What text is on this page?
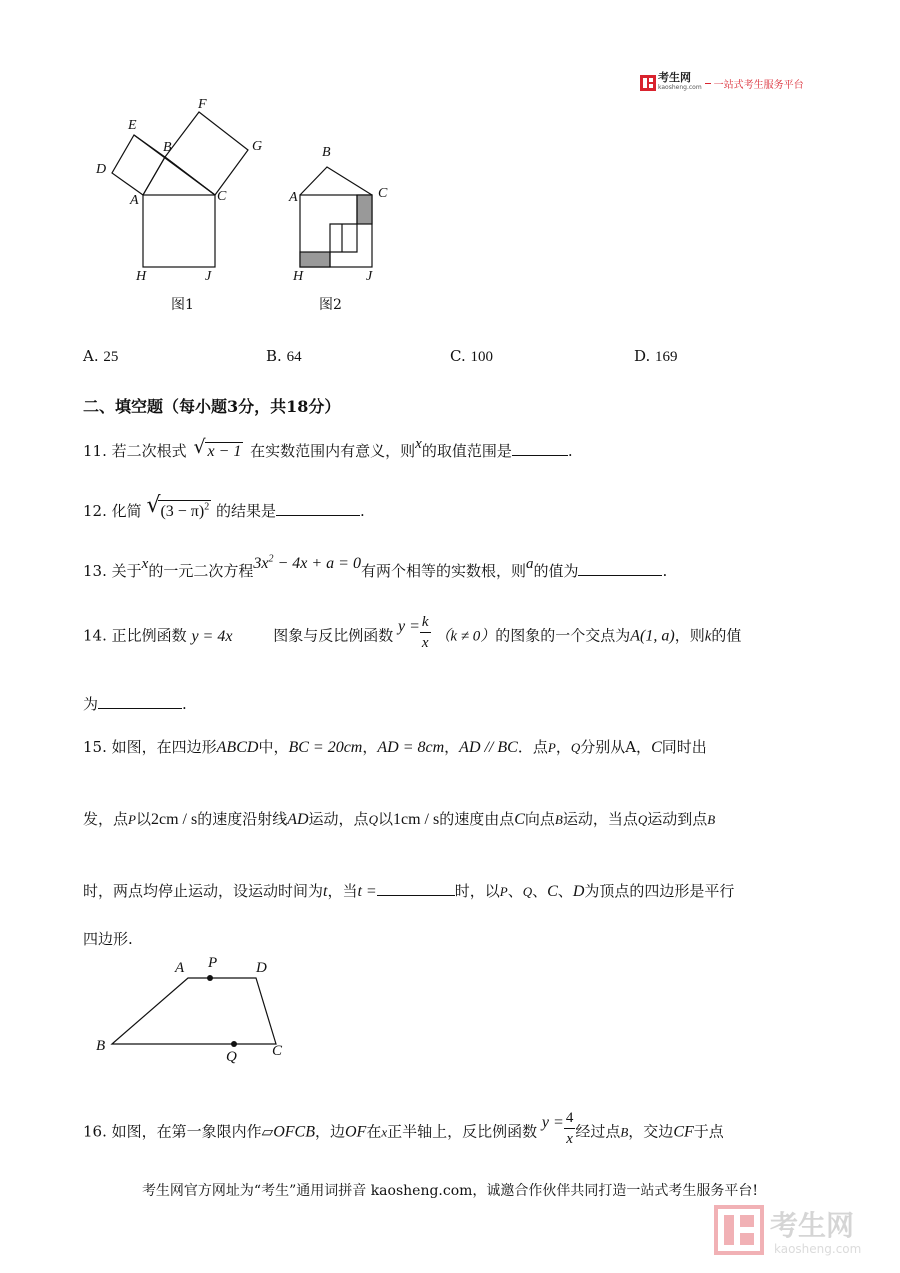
考生网
kaosheng.com 一站式考生服务平台
F
E
G
B
D
A	C
H	J
图1
B
A	C
H	J
图2
A. 25	B. 64	C. 100	D. 169
二、填空题（每小题3分，共18分）
11. 若二次根式 √ x − 1 在实数范围内有意义，则x的取值范围是	.
12. 化简 √ $(3 - \pi)^2$ 的结果是	.
13. 关于x的一元二次方程$3x^2 - 4x + a = 0$有两个相等的实数根，则a的值为	.
14. 正比例函数 y = 4x	图象与反比例函数 $y = \frac{k}{x} (k \ne 0)$的图象的一个交点为A(1, a)，则k的值
为	.
15. 如图，在四边形ABCD中，BC = 20cm，AD = 8cm，AD // BC．点P，Q分别从A，C同时出
发，点P以2cm / s的速度沿射线AD运动，点Q以1cm / s的速度由点C向点B运动，当点Q运动到点B
时，两点均停止运动，设运动时间为t，当t =	时，以P、Q、C、D为顶点的四边形是平行
四边形.
A P	D
B
Q C
16. 如图，在第一象限内作▱OFCB，边OF在x正半轴上，反比例函数 $y = \frac{4}{x}$ 经过点B，交边CF于点
考生网官方网址为“考生”通用词拼音 kaosheng.com，诚邀合作伙伴共同打造一站式考生服务平台!
考生网
kaosheng.com
